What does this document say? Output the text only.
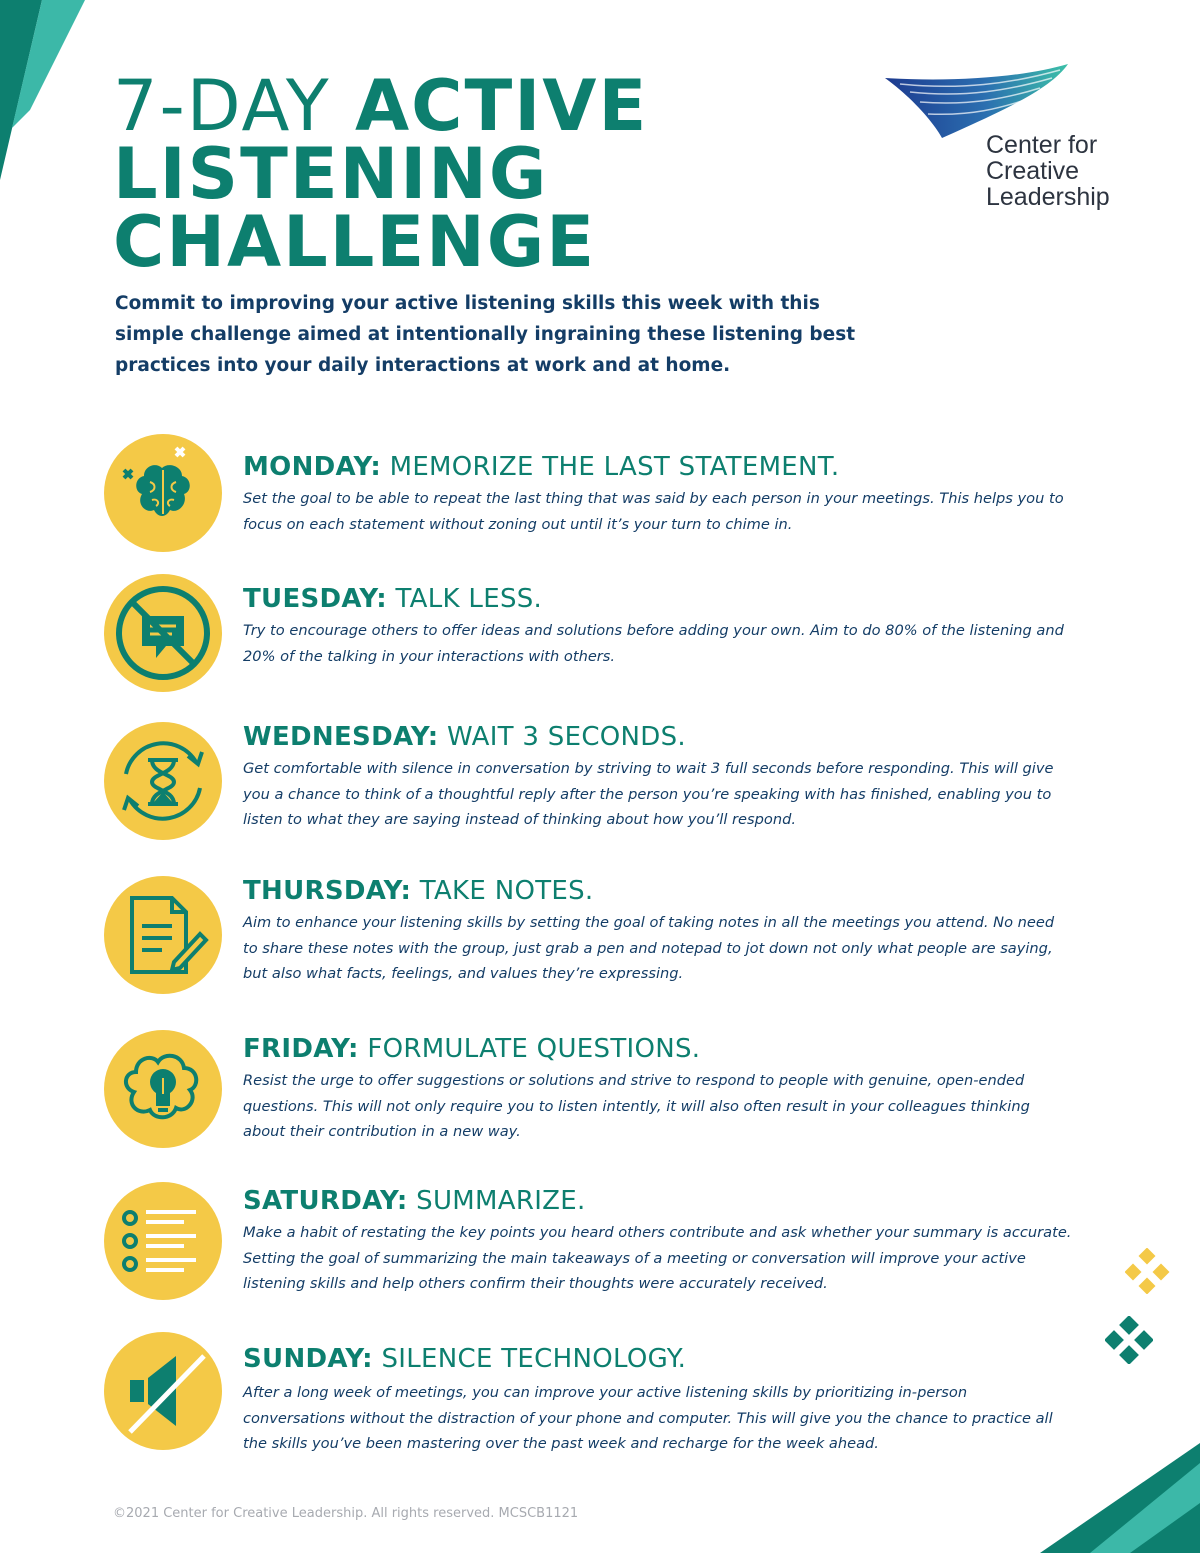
7-DAY ACTIVE
LISTENING
CHALLENGE
Center for
Creative
Leadership

Commit to improving your active listening skills this week with this simple challenge aimed at intentionally ingraining these listening best practices into your daily interactions at work and at home.

MONDAY: MEMORIZE THE LAST STATEMENT.

Set the goal to be able to repeat the last thing that was said by each person in your meetings. This helps you to focus on each statement without zoning out until it’s your turn to chime in.

TUESDAY: TALK LESS.

Try to encourage others to offer ideas and solutions before adding your own. Aim to do 80% of the listening and 20% of the talking in your interactions with others.

WEDNESDAY: WAIT 3 SECONDS.

Get comfortable with silence in conversation by striving to wait 3 full seconds before responding. This will give you a chance to think of a thoughtful reply after the person you’re speaking with has finished, enabling you to listen to what they are saying instead of thinking about how you’ll respond.

THURSDAY: TAKE NOTES.

Aim to enhance your listening skills by setting the goal of taking notes in all the meetings you attend. No need to share these notes with the group, just grab a pen and notepad to jot down not only what people are saying, but also what facts, feelings, and values they’re expressing.

FRIDAY: FORMULATE QUESTIONS.

Resist the urge to offer suggestions or solutions and strive to respond to people with genuine, open-ended questions. This will not only require you to listen intently, it will also often result in your colleagues thinking about their contribution in a new way.

SATURDAY: SUMMARIZE.

Make a habit of restating the key points you heard others contribute and ask whether your summary is accurate. Setting the goal of summarizing the main takeaways of a meeting or conversation will improve your active listening skills and help others confirm their thoughts were accurately received.

SUNDAY: SILENCE TECHNOLOGY.

After a long week of meetings, you can improve your active listening skills by prioritizing in-person conversations without the distraction of your phone and computer. This will give you the chance to practice all the skills you’ve been mastering over the past week and recharge for the week ahead.

©2021 Center for Creative Leadership. All rights reserved. MCSCB1121
